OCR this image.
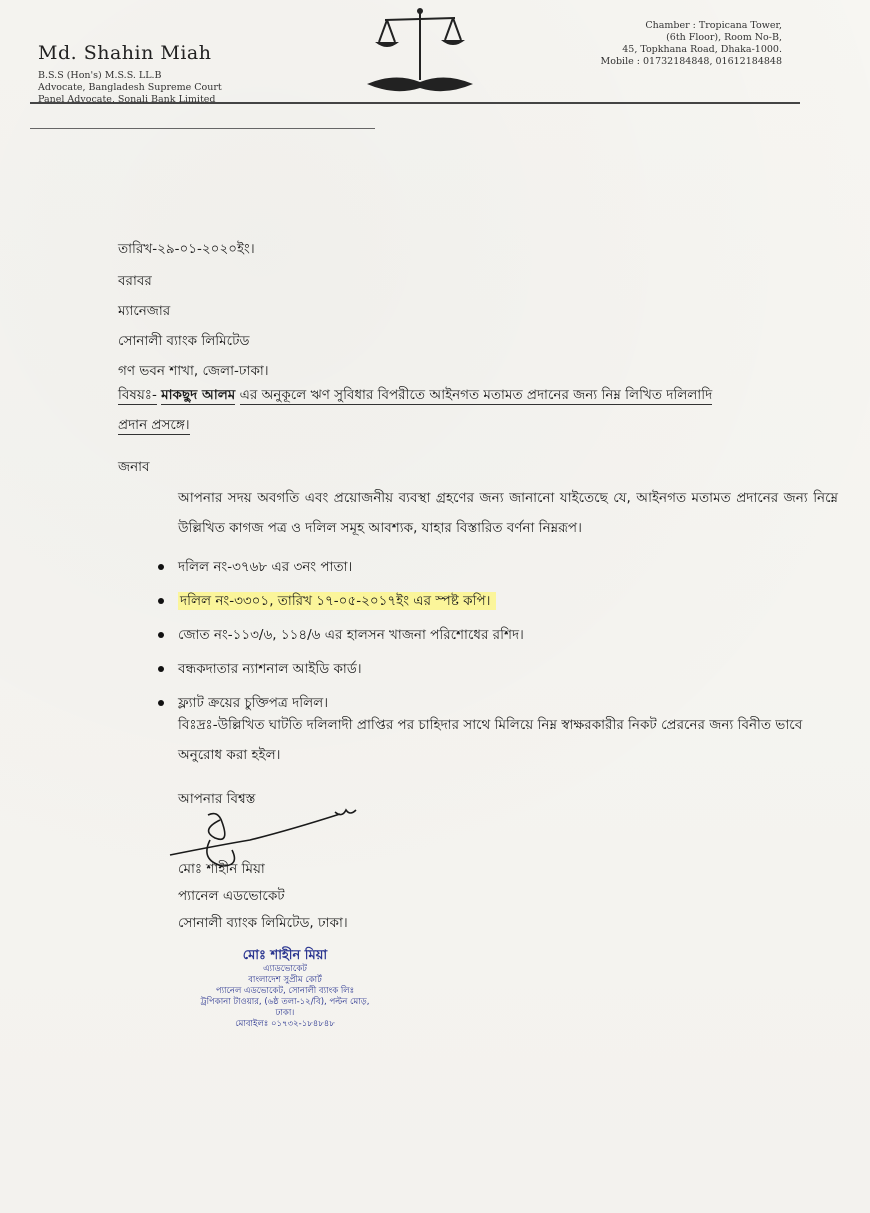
Md. Shahin Miah
B.S.S (Hon's) M.S.S. LL.B
Advocate, Bangladesh Supreme Court
Panel Advocate, Sonali Bank Limited
Chamber : Tropicana Tower,
(6th Floor), Room No-B,
45, Topkhana Road, Dhaka-1000.
Mobile : 01732184848, 01612184848
তারিখ-২৯-০১-২০২০ইং।
বরাবর
ম্যানেজার
সোনালী ব্যাংক লিমিটেড
গণ ভবন শাখা, জেলা-ঢাকা।
বিষয়ঃ- মাকছুদ আলম এর অনুকূলে ঋণ সুবিধার বিপরীতে আইনগত মতামত প্রদানের জন্য নিম্ন লিখিত দলিলাদি
প্রদান প্রসঙ্গে।
জনাব
আপনার সদয় অবগতি এবং প্রয়োজনীয় ব্যবস্থা গ্রহণের জন্য জানানো যাইতেছে যে, আইনগত মতামত প্রদানের জন্য নিম্নে উল্লিখিত কাগজ পত্র ও দলিল সমূহ আবশ্যক, যাহার বিস্তারিত বর্ণনা নিম্নরূপ।
দলিল নং-৩৭৬৮ এর ৩নং পাতা।
দলিল নং-৩৩০১, তারিখ ১৭-০৫-২০১৭ইং এর স্পষ্ট কপি।
জোত নং-১১৩/৬, ১১৪/৬ এর হালসন খাজনা পরিশোধের রশিদ।
বন্ধকদাতার ন্যাশনাল আইডি কার্ড।
ফ্ল্যাট ক্রয়ের চুক্তিপত্র দলিল।
বিঃদ্রঃ-উল্লিখিত ঘাটতি দলিলাদী প্রাপ্তির পর চাহিদার সাথে মিলিয়ে নিম্ন স্বাক্ষরকারীর নিকট প্রেরনের জন্য বিনীত ভাবে অনুরোধ করা হইল।
আপনার বিশ্বস্ত
মোঃ শাহীন মিয়া
প্যানেল এডভোকেট
সোনালী ব্যাংক লিমিটেড, ঢাকা।
মোঃ শাহীন মিয়া
এ্যাডভোকেট
বাংলাদেশ সুপ্রীম কোর্ট
প্যানেল এডভোকেট, সোনালী ব্যাংক লিঃ
ট্রপিকানা টাওয়ার, (৬ষ্ঠ তলা-১২/বি), পল্টন মোড়, ঢাকা।
মোবাইলঃ ০১৭৩২-১৮৪৮৪৮
